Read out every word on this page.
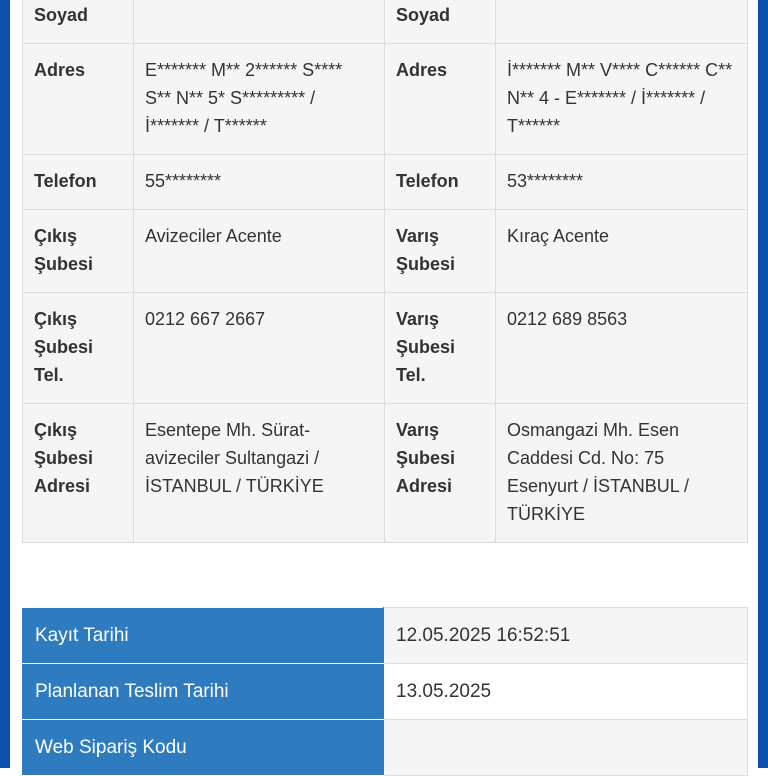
Soyad		Soyad	
Adres	E******* M** 2****** S**** S** N** 5* S********* / İ******* / T******	Adres	İ******* M** V**** C****** C** N** 4 - E******* / İ******* / T******
Telefon	55********	Telefon	53********
Çıkış Şubesi	Avizeciler Acente	Varış Şubesi	Kıraç Acente
Çıkış Şubesi Tel.	0212 667 2667	Varış Şubesi Tel.	0212 689 8563
Çıkış Şubesi Adresi	Esentepe Mh. Sürat-avizeciler Sultangazi / İSTANBUL / TÜRKİYE	Varış Şubesi Adresi	Osmangazi Mh. Esen Caddesi Cd. No: 75 Esenyurt / İSTANBUL / TÜRKİYE
Kayıt Tarihi	12.05.2025 16:52:51
Planlanan Teslim Tarihi	13.05.2025
Web Sipariş Kodu	
